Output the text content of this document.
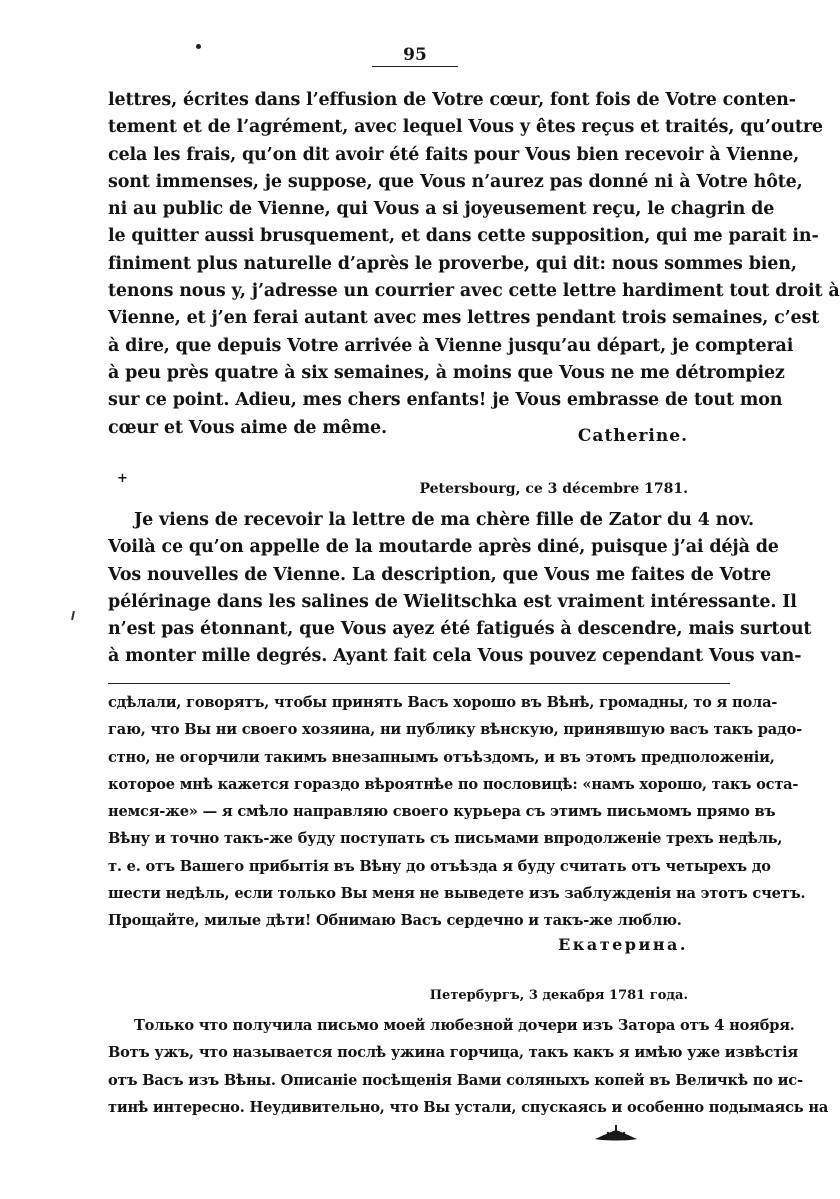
95
lettres, écrites dans l’effusion de Votre cœur, font fois de Votre conten-
tement et de l’agrément, avec lequel Vous y êtes reçus et traités, qu’outre
cela les frais, qu’on dit avoir été faits pour Vous bien recevoir à Vienne,
sont immenses, je suppose, que Vous n’aurez pas donné ni à Votre hôte,
ni au public de Vienne, qui Vous a si joyeusement reçu, le chagrin de
le quitter aussi brusquement, et dans cette supposition, qui me parait in-
finiment plus naturelle d’après le proverbe, qui dit: nous sommes bien,
tenons nous y, j’adresse un courrier avec cette lettre hardiment tout droit à
Vienne, et j’en ferai autant avec mes lettres pendant trois semaines, c’est
à dire, que depuis Votre arrivée à Vienne jusqu’au départ, je compterai
à peu près quatre à six semaines, à moins que Vous ne me détrompiez
sur ce point. Adieu, mes chers enfants! je Vous embrasse de tout mon
cœur et Vous aime de même.	Catherine.
+
Petersbourg, ce 3 décembre 1781.
Je viens de recevoir la lettre de ma chère fille de Zator du 4 nov.
Voilà ce qu’on appelle de la moutarde après diné, puisque j’ai déjà de
Vos nouvelles de Vienne. La description, que Vous me faites de Votre
pélérinage dans les salines de Wielitschka est vraiment intéressante. Il
n’est pas étonnant, que Vous ayez été fatigués à descendre, mais surtout
à monter mille degrés. Ayant fait cela Vous pouvez cependant Vous van-
сдѣлали, говорятъ, чтобы принять Васъ хорошо въ Вѣнѣ, громадны, то я пола-
гаю, что Вы ни своего хозяина, ни публику вѣнскую, принявшую васъ такъ радо-
стно, не огорчили такимъ внезапнымъ отъѣздомъ, и въ этомъ предположеніи,
которое мнѣ кажется гораздо вѣроятнѣе по пословицѣ: «намъ хорошо, такъ оста-
немся-же» — я смѣло направляю своего курьера съ этимъ письмомъ прямо въ
Вѣну и точно такъ-же буду поступать съ письмами впродолженіе трехъ недѣль,
т. е. отъ Вашего прибытія въ Вѣну до отъѣзда я буду считать отъ четырехъ до
шести недѣль, если только Вы меня не выведете изъ заблужденія на этотъ счетъ.
Прощайте, милые дѣти! Обнимаю Васъ сердечно и такъ-же люблю.
Екатерина.
Петербургъ, 3 декабря 1781 года.
Только что получила письмо моей любезной дочери изъ Затора отъ 4 ноября.
Вотъ ужъ, что называется послѣ ужина горчица, такъ какъ я имѣю уже извѣстія
отъ Васъ изъ Вѣны. Описаніе посѣщенія Вами соляныхъ копей въ Величкѣ по ис-
тинѣ интересно. Неудивительно, что Вы устали, спускаясь и особенно подымаясь на
